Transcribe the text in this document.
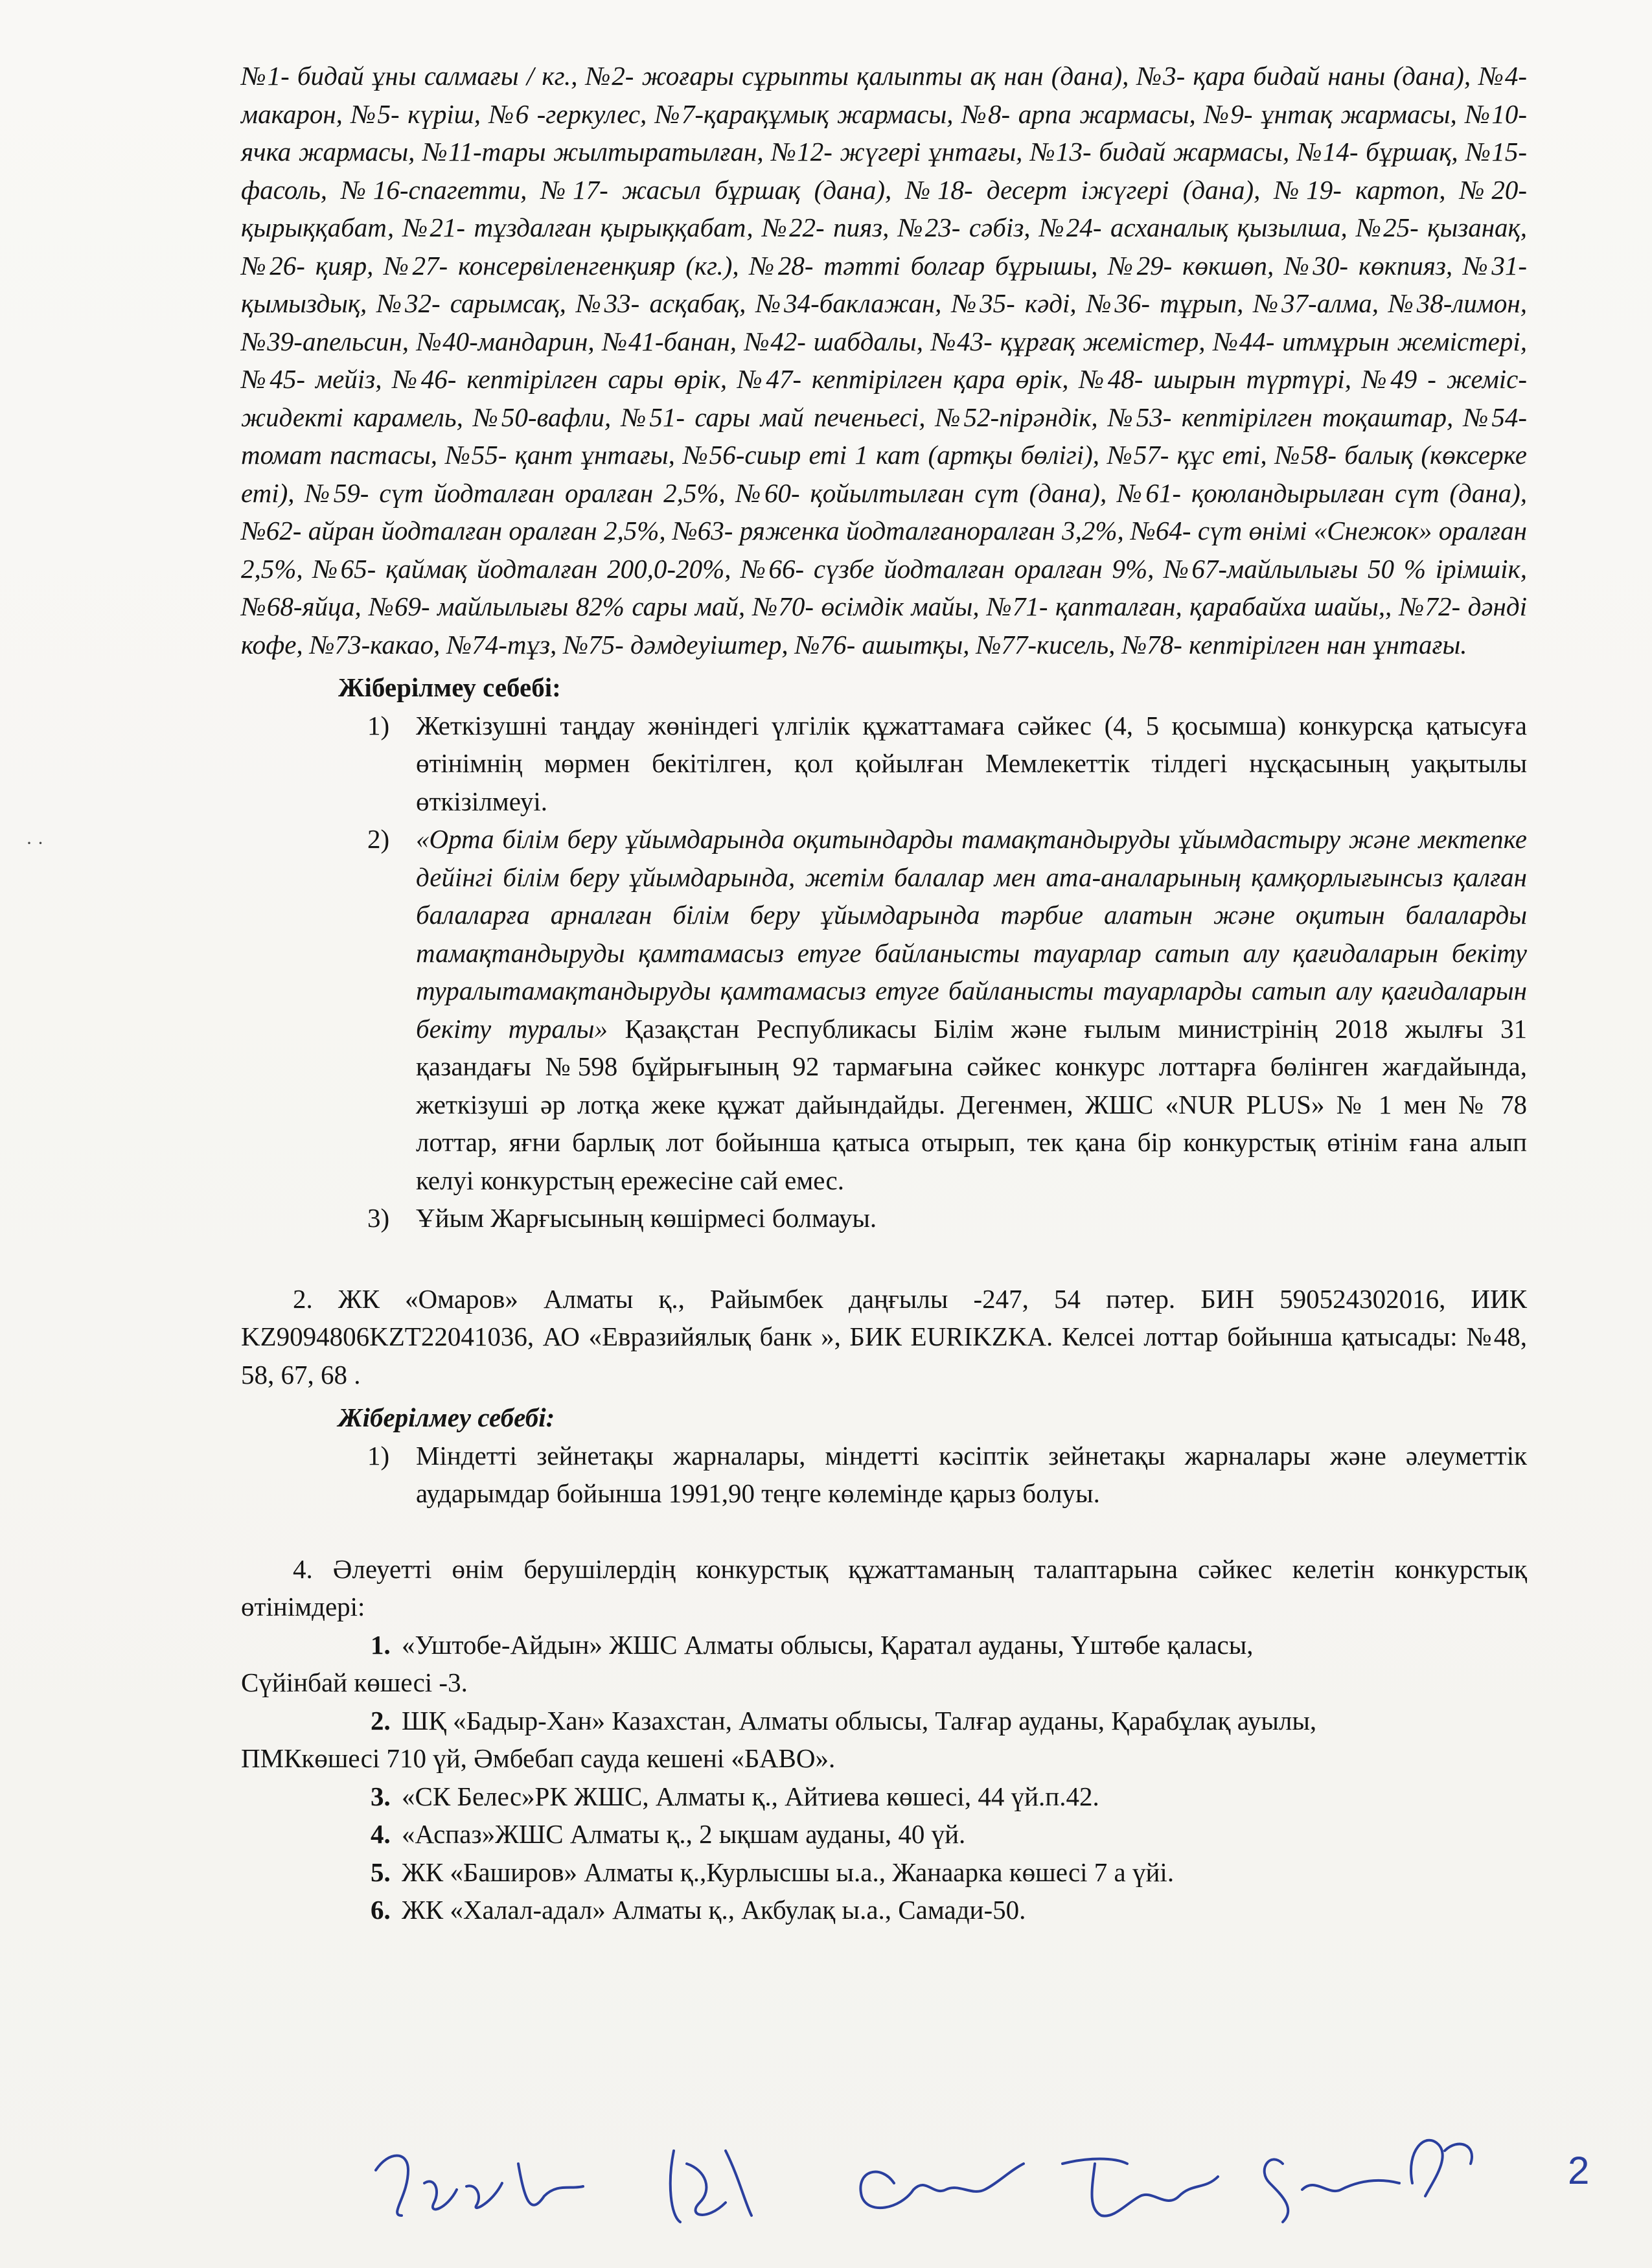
· ·

№1- бидай ұны салмағы / кг., №2- жоғары сұрыпты қалыпты ақ нан (дана), №3- қара бидай наны (дана), №4-макарон, №5- күріш, №6 -геркулес, №7-қарақұмық жармасы, №8- арпа жармасы, №9- ұнтақ жармасы, №10- ячка жармасы, №11-тары жылтыратылған, №12- жүгері ұнтағы, №13- бидай жармасы, №14- бұршақ, №15-фасоль, №16-спагетти, №17- жасыл бұршақ (дана), №18- десерт іжүгері (дана), №19- картоп, №20- қырыққабат, №21- тұздалған қырыққабат, №22- пияз, №23- сәбіз, №24- асханалық қызылша, №25- қызанақ, №26- қияр, №27- консервіленгенқияр (кг.), №28- тәтті болгар бұрышы, №29- көкшөп, №30- көкпияз, №31- қымыздық, №32- сарымсақ, №33- асқабақ, №34-баклажан, №35- кәді, №36- тұрып, №37-алма, №38-лимон, №39-апельсин, №40-мандарин, №41-банан, №42- шабдалы, №43- құрғақ жемістер, №44- итмұрын жемістері, №45- мейіз, №46- кептірілген сары өрік, №47- кептірілген қара өрік, №48- шырын түртүрі, №49 - жеміс-жидекті карамель, №50-вафли, №51- сары май печеньесі, №52-пірәндік, №53- кептірілген тоқаштар, №54-томат пастасы, №55- қант ұнтағы, №56-сиыр еті 1 кат (артқы бөлігі), №57- құс еті, №58- балық (көксерке еті), №59- сүт йодталған оралған 2,5%, №60- қойылтылған сүт (дана), №61- қоюландырылған сүт (дана), №62- айран йодталған оралған 2,5%, №63- ряженка йодталғаноралған 3,2%, №64- сүт өнімі «Снежок» оралған 2,5%, №65- қаймақ йодталған 200,0-20%, №66- сүзбе йодталған оралған 9%, №67-майлылығы 50 % ірімшік, №68-яйца, №69- майлылығы 82% сары май, №70- өсімдік майы, №71- қапталған, қарабайха шайы,, №72- дәнді кофе, №73-какао, №74-тұз, №75- дәмдеуіштер, №76- ашытқы, №77-кисель, №78- кептірілген нан ұнтағы.

Жіберілмеу себебі:
1) Жеткізушні таңдау жөніндегі үлгілік құжаттамаға сәйкес (4, 5 қосымша) конкурсқа қатысуға өтінімнің мөрмен бекітілген, қол қойылған Мемлекеттік тілдегі нұсқасының уақытылы өткізілмеуі.
2) «Орта білім беру ұйымдарында оқитындарды тамақтандыруды ұйымдастыру және мектепке дейінгі білім беру ұйымдарында, жетім балалар мен ата-аналарының қамқорлығынсыз қалған балаларға арналған білім беру ұйымдарында тәрбие алатын және оқитын балаларды тамақтандыруды қамтамасыз етуге байланысты тауарлар сатып алу қағидаларын бекіту туралытамақтандыруды қамтамасыз етуге байланысты тауарларды сатып алу қағидаларын бекіту туралы» Қазақстан Республикасы Білім және ғылым министрінің 2018 жылғы 31 қазандағы №598 бұйрығының 92 тармағына сәйкес конкурс лоттарға бөлінген жағдайында, жеткізуші әр лотқа жеке құжат дайындайды. Дегенмен, ЖШС «NUR PLUS» № 1 мен № 78 лоттар, яғни барлық лот бойынша қатыса отырып, тек қана бір конкурстық өтінім ғана алып келуі конкурстың ережесіне сай емес.
3) Ұйым Жарғысының көшірмесі болмауы.

2. ЖК «Омаров» Алматы қ., Райымбек даңғылы -247, 54 пәтер. БИН 590524302016, ИИК KZ9094806KZT22041036, АО «Евразийялық банк », БИК EURIKZKA. Келсеі лоттар бойынша қатысады: №48, 58, 67, 68 .

Жіберілмеу себебі:
1) Міндетті зейнетақы жарналары, міндетті кәсіптік зейнетақы жарналары және әлеуметтік аударымдар бойынша 1991,90 теңге көлемінде қарыз болуы.

4. Әлеуетті өнім берушілердің конкурстық құжаттаманың талаптарына сәйкес келетін конкурстық өтінімдері:

1. «Уштобе-Айдын» ЖШС Алматы облысы, Қаратал ауданы, Үштөбе қаласы,
Сүйінбай көшесі -3.
2. ШҚ «Бадыр-Хан» Казахстан, Алматы облысы, Талғар ауданы, Қарабұлақ ауылы,
ПМКкөшесі 710 үй, Әмбебап сауда кешені «БАВО».
3. «СК Белес»РК ЖШС, Алматы қ., Айтиева көшесі, 44 үй.п.42.
4. «Аспаз»ЖШС Алматы қ., 2 ықшам ауданы, 40 үй.
5. ЖК «Баширов» Алматы қ.,Курлысшы ы.а., Жанаарка көшесі 7 а үйі.
6. ЖК «Халал-адал» Алматы қ., Акбулақ ы.а., Самади-50.
2
